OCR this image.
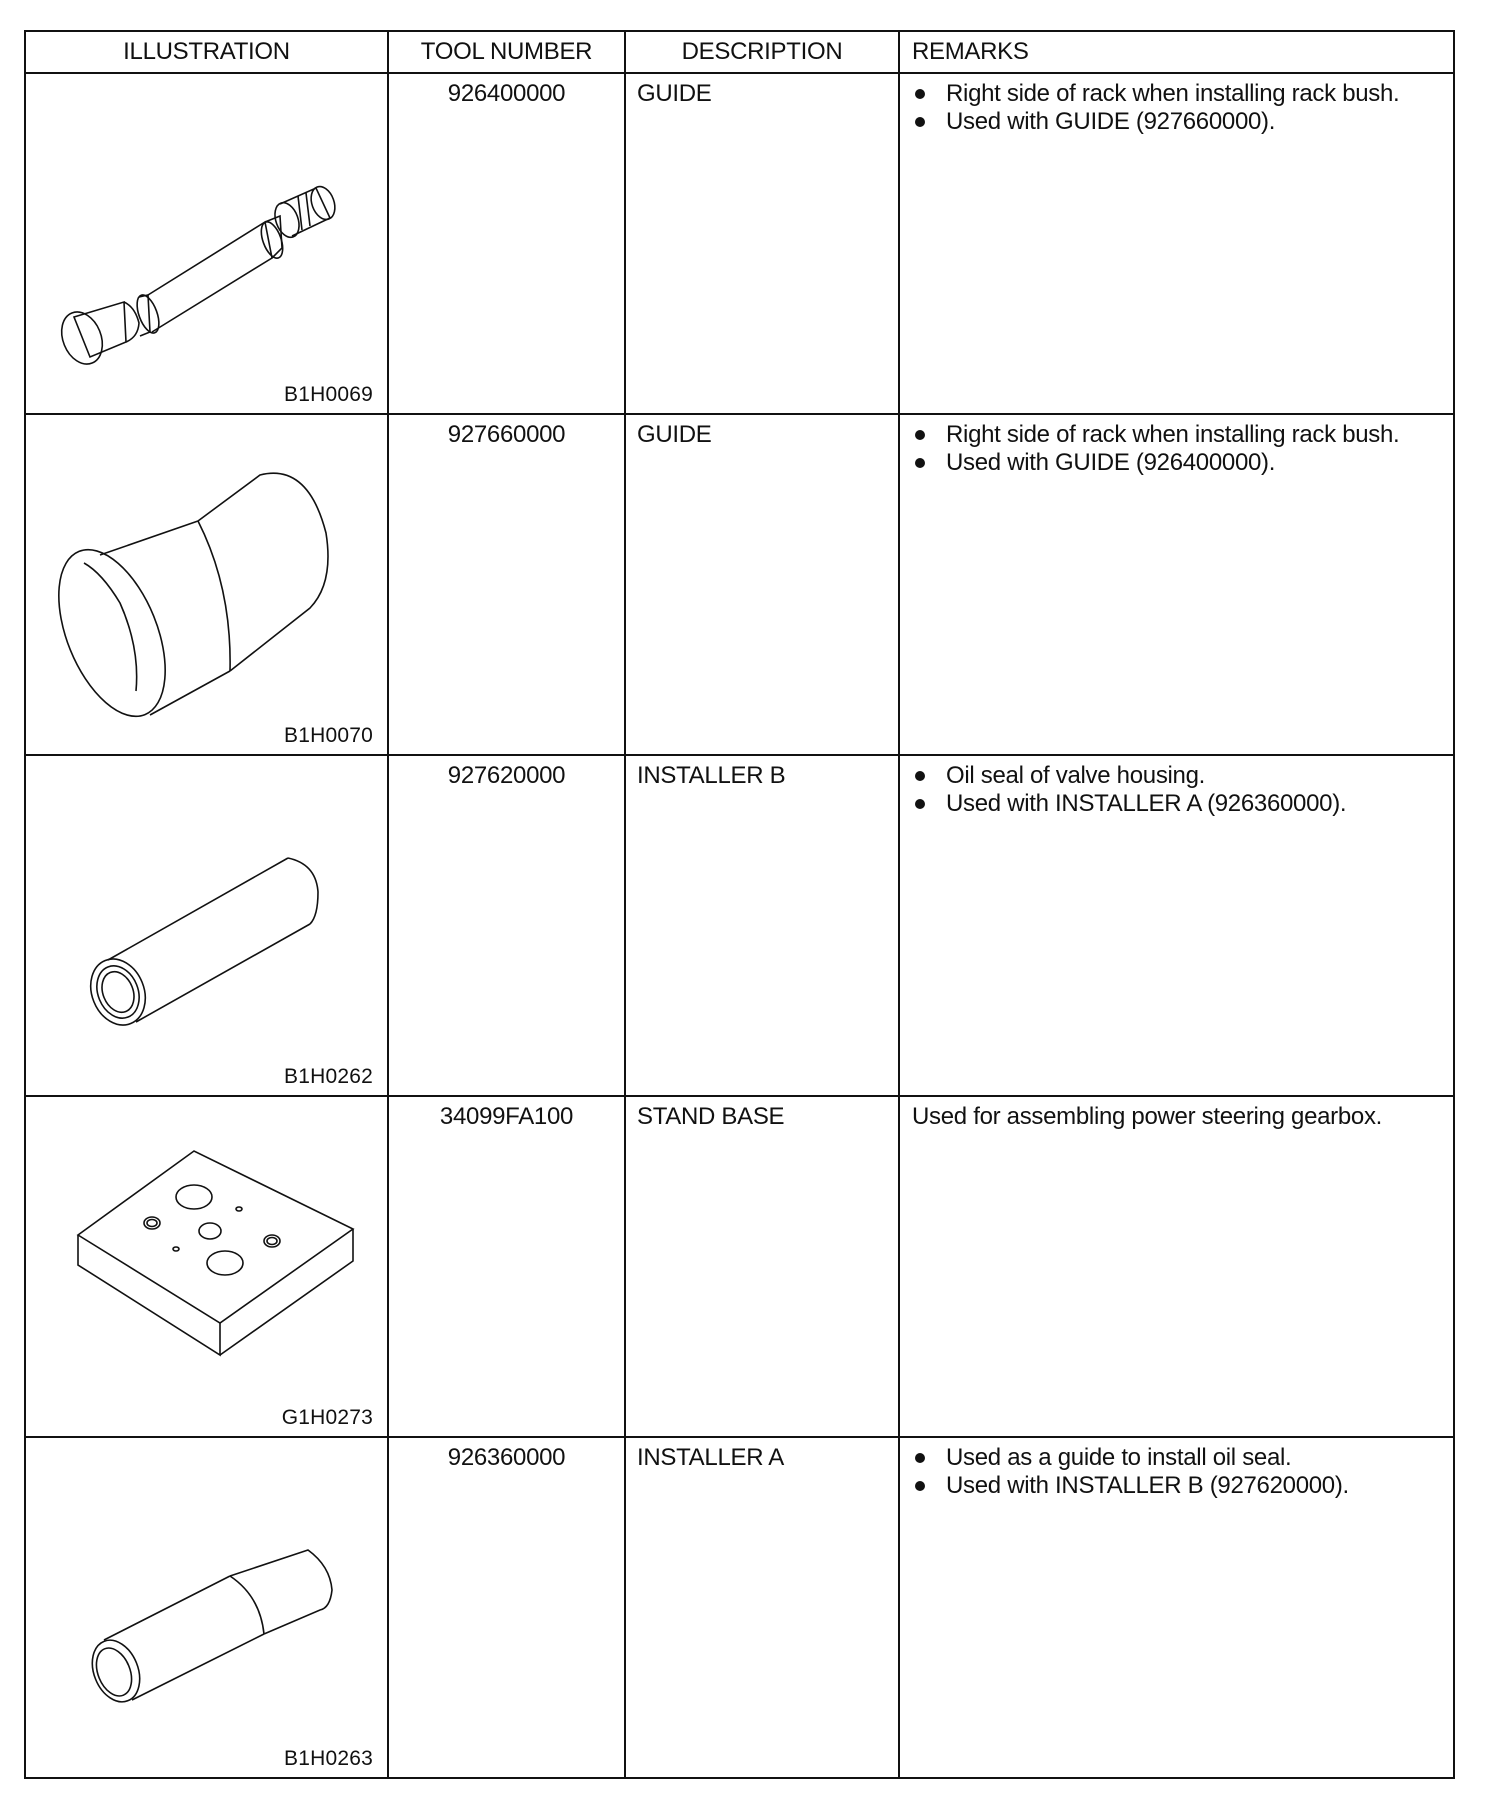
ILLUSTRATION	TOOL NUMBER	DESCRIPTION	REMARKS
B1H0069
926400000	GUIDE	Right side of rack when installing rack bush.
Used with GUIDE (927660000).
B1H0070
927660000	GUIDE	Right side of rack when installing rack bush.
Used with GUIDE (926400000).
B1H0262
927620000	INSTALLER B	Oil seal of valve housing.
Used with INSTALLER A (926360000).
G1H0273
34099FA100	STAND BASE	Used for assembling power steering gearbox.
B1H0263
926360000	INSTALLER A	Used as a guide to install oil seal.
Used with INSTALLER B (927620000).
